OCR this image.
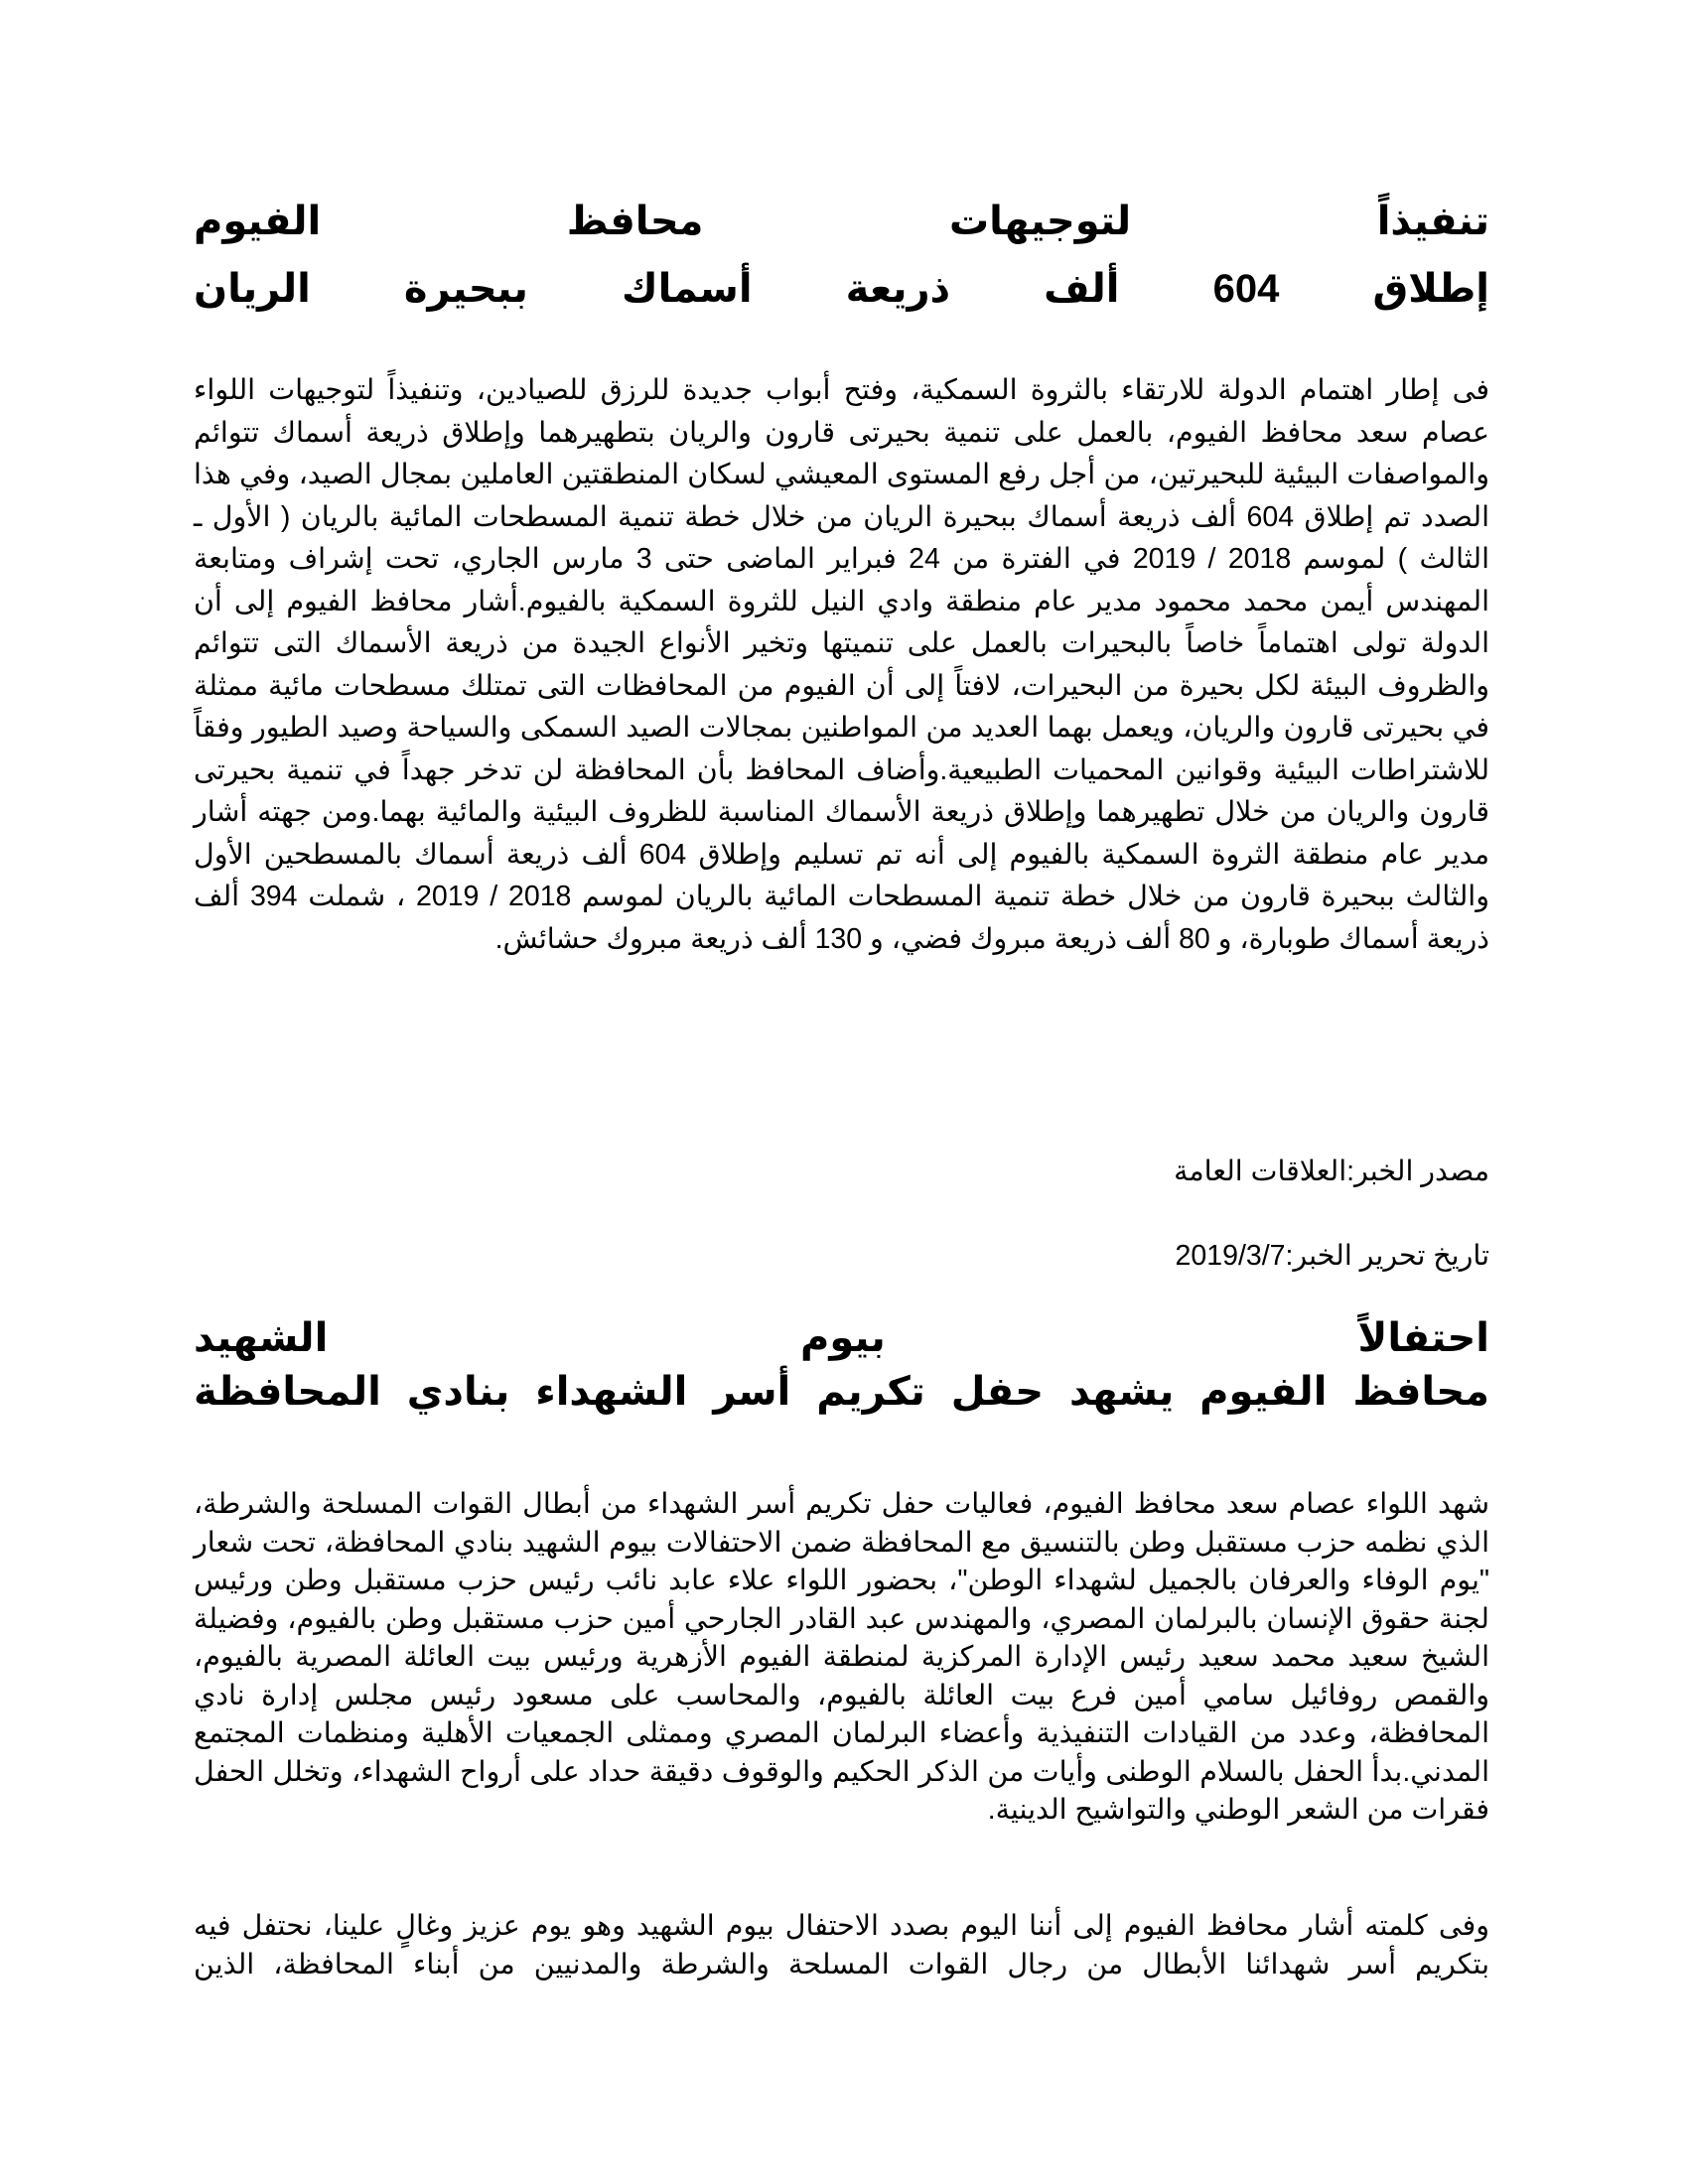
تنفيذاً لتوجيهات محافظ الفيوم
إطلاق 604 ألف ذريعة أسماك ببحيرة الريان
فى إطار اهتمام الدولة للارتقاء بالثروة السمكية، وفتح أبواب جديدة للرزق للصيادين، وتنفيذاً لتوجيهات اللواء عصام سعد محافظ الفيوم، بالعمل على تنمية بحيرتى قارون والريان بتطهيرهما وإطلاق ذريعة أسماك تتوائم والمواصفات البيئية للبحيرتين، من أجل رفع المستوى المعيشي لسكان المنطقتين العاملين بمجال الصيد، وفي هذا الصدد تم إطلاق 604 ألف ذريعة أسماك ببحيرة الريان من خلال خطة تنمية المسطحات المائية بالريان ( الأول ـ الثالث ) لموسم 2018 / 2019 في الفترة من 24 فبراير الماضى حتى 3 مارس الجاري، تحت إشراف ومتابعة المهندس أيمن محمد محمود مدير عام منطقة وادي النيل للثروة السمكية بالفيوم.أشار محافظ الفيوم إلى أن الدولة تولى اهتماماً خاصاً بالبحيرات بالعمل على تنميتها وتخير الأنواع الجيدة من ذريعة الأسماك التى تتوائم والظروف البيئة لكل بحيرة من البحيرات، لافتاً إلى أن الفيوم من المحافظات التى تمتلك مسطحات مائية ممثلة في بحيرتى قارون والريان، ويعمل بهما العديد من المواطنين بمجالات الصيد السمكى والسياحة وصيد الطيور وفقاً للاشتراطات البيئية وقوانين المحميات الطبيعية.وأضاف المحافظ بأن المحافظة لن تدخر جهداً في تنمية بحيرتى قارون والريان من خلال تطهيرهما وإطلاق ذريعة الأسماك المناسبة للظروف البيئية والمائية بهما.ومن جهته أشار مدير عام منطقة الثروة السمكية بالفيوم إلى أنه تم تسليم وإطلاق 604 ألف ذريعة أسماك بالمسطحين الأول والثالث ببحيرة قارون من خلال خطة تنمية المسطحات المائية بالريان لموسم 2018 / 2019 ، شملت 394 ألف ذريعة أسماك طوبارة، و 80 ألف ذريعة مبروك فضي، و 130 ألف ذريعة مبروك حشائش.
مصدر الخبر:العلاقات العامة
تاريخ تحرير الخبر:2019/3/7
احتفالاً بيوم الشهيد
محافظ الفيوم يشهد حفل تكريم أسر الشهداء بنادي المحافظة
شهد اللواء عصام سعد محافظ الفيوم، فعاليات حفل تكريم أسر الشهداء من أبطال القوات المسلحة والشرطة، الذي نظمه حزب مستقبل وطن بالتنسيق مع المحافظة ضمن الاحتفالات بيوم الشهيد بنادي المحافظة، تحت شعار "يوم الوفاء والعرفان بالجميل لشهداء الوطن"، بحضور اللواء علاء عابد نائب رئيس حزب مستقبل وطن ورئيس لجنة حقوق الإنسان بالبرلمان المصري، والمهندس عبد القادر الجارحي أمين حزب مستقبل وطن بالفيوم، وفضيلة الشيخ سعيد محمد سعيد رئيس الإدارة المركزية لمنطقة الفيوم الأزهرية ورئيس بيت العائلة المصرية بالفيوم، والقمص روفائيل سامي أمين فرع بيت العائلة بالفيوم، والمحاسب على مسعود رئيس مجلس إدارة نادي المحافظة، وعدد من القيادات التنفيذية وأعضاء البرلمان المصري وممثلى الجمعيات الأهلية ومنظمات المجتمع المدني.بدأ الحفل بالسلام الوطنى وأيات من الذكر الحكيم والوقوف دقيقة حداد على أرواح الشهداء، وتخلل الحفل فقرات من الشعر الوطني والتواشيح الدينية.
وفى كلمته أشار محافظ الفيوم إلى أننا اليوم بصدد الاحتفال بيوم الشهيد وهو يوم عزيز وغالٍ علينا، نحتفل فيه بتكريم أسر شهدائنا الأبطال من رجال القوات المسلحة والشرطة والمدنيين من أبناء المحافظة، الذين
